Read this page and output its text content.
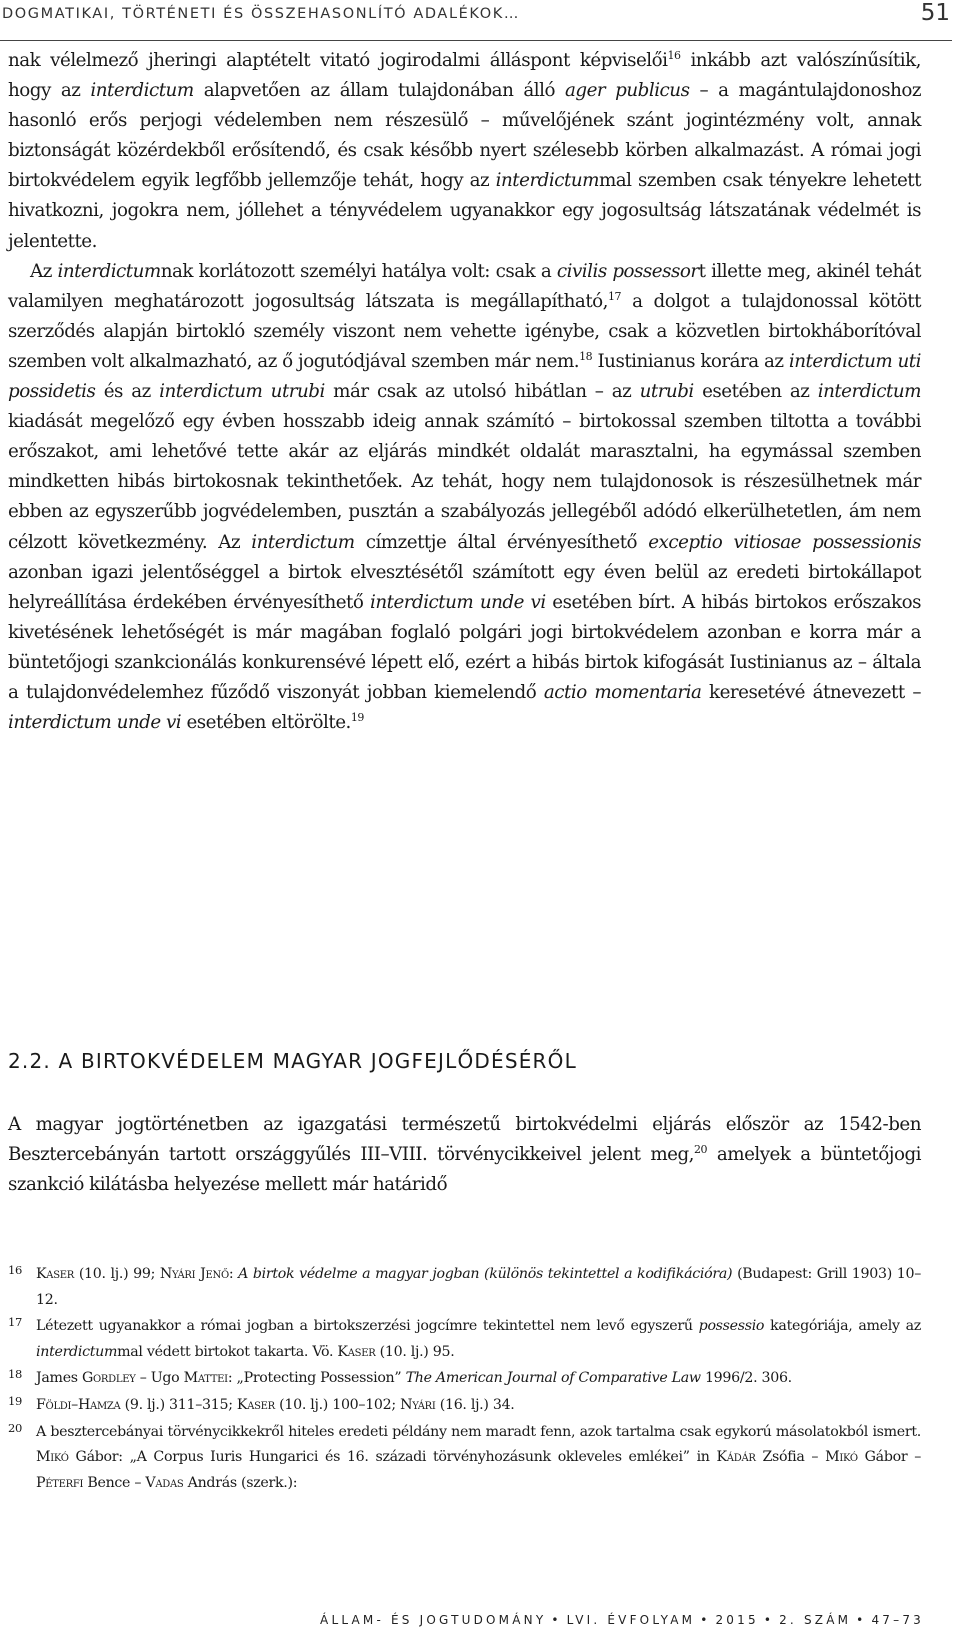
DOGMATIKAI, TÖRTÉNETI ÉS ÖSSZEHASONLÍTÓ ADALÉKOK…	51

nak vélelmező jheringi alaptételt vitató jogirodalmi álláspont képviselői$^{16}$ inkább azt valószínűsítik, hogy az interdictum alapvetően az állam tulajdonában álló ager publicus – a magántulajdonoshoz hasonló erős perjogi védelemben nem részesülő – művelőjének szánt jogintézmény volt, annak biztonságát közérdekből erősítendő, és csak később nyert szélesebb körben alkalmazást. A római jogi birtokvédelem egyik legfőbb jellemzője tehát, hogy az interdictummal szemben csak tényekre lehetett hivatkozni, jogokra nem, jóllehet a tényvédelem ugyanakkor egy jogosultság látszatának védelmét is jelentette.

Az interdictumnak korlátozott személyi hatálya volt: csak a civilis possessort illette meg, akinél tehát valamilyen meghatározott jogosultság látszata is megállapítható,$^{17}$ a dolgot a tulajdonossal kötött szerződés alapján birtokló személy viszont nem vehette igénybe, csak a közvetlen birtokháborítóval szemben volt alkalmazható, az ő jogutódjával szemben már nem.$^{18}$ Iustinianus korára az interdictum uti possidetis és az interdictum utrubi már csak az utolsó hibátlan – az utrubi esetében az interdictum kiadását megelőző egy évben hosszabb ideig annak számító – birtokossal szemben tiltotta a további erőszakot, ami lehetővé tette akár az eljárás mindkét oldalát marasztalni, ha egymással szemben mindketten hibás birtokosnak tekinthetőek. Az tehát, hogy nem tulajdonosok is részesülhetnek már ebben az egyszerűbb jogvédelemben, pusztán a szabályozás jellegéből adódó elkerülhetetlen, ám nem célzott következmény. Az interdictum címzettje által érvényesíthető exceptio vitiosae possessionis azonban igazi jelentőséggel a birtok elvesztésétől számított egy éven belül az eredeti birtokállapot helyreállítása érdekében érvényesíthető interdictum unde vi esetében bírt. A hibás birtokos erőszakos kivetésének lehetőségét is már magában foglaló polgári jogi birtokvédelem azonban e korra már a büntetőjogi szankcionálás konkurensévé lépett elő, ezért a hibás birtok kifogását Iustinianus az – általa a tulajdonvédelemhez fűződő viszonyát jobban kiemelendő actio momentaria keresetévé átnevezett – interdictum unde vi esetében eltörölte.$^{19}$

2.2. A BIRTOKVÉDELEM MAGYAR JOGFEJLŐDÉSÉRŐL

A magyar jogtörténetben az igazgatási természetű birtokvédelmi eljárás először az 1542-ben Besztercebányán tartott országgyűlés III–VIII. törvénycikkeivel jelent meg,$^{20}$ amelyek a büntetőjogi szankció kilátásba helyezése mellett már határidő

16 Kaser (10. lj.) 99; Nyári Jenő: A birtok védelme a magyar jogban (különös tekintettel a kodifikációra) (Budapest: Grill 1903) 10–12.

17 Létezett ugyanakkor a római jogban a birtokszerzési jogcímre tekintettel nem levő egyszerű possessio kategóriája, amely az interdictummal védett birtokot takarta. Vö. Kaser (10. lj.) 95.

18 James Gordley – Ugo Mattei: „Protecting Possession” The American Journal of Comparative Law 1996/2. 306.

19 Földi–Hamza (9. lj.) 311–315; Kaser (10. lj.) 100–102; Nyári (16. lj.) 34.

20 A besztercebányai törvénycikkekről hiteles eredeti példány nem maradt fenn, azok tartalma csak egykorú másolatokból ismert. Mikó Gábor: „A Corpus Iuris Hungarici és 16. századi törvényhozásunk okleveles emlékei” in Kádár Zsófia – Mikó Gábor – Péterfi Bence – Vadas András (szerk.):

ÁLLAM- ÉS JOGTUDOMÁNY • LVI. ÉVFOLYAM • 2015 • 2. SZÁM • 47–73
